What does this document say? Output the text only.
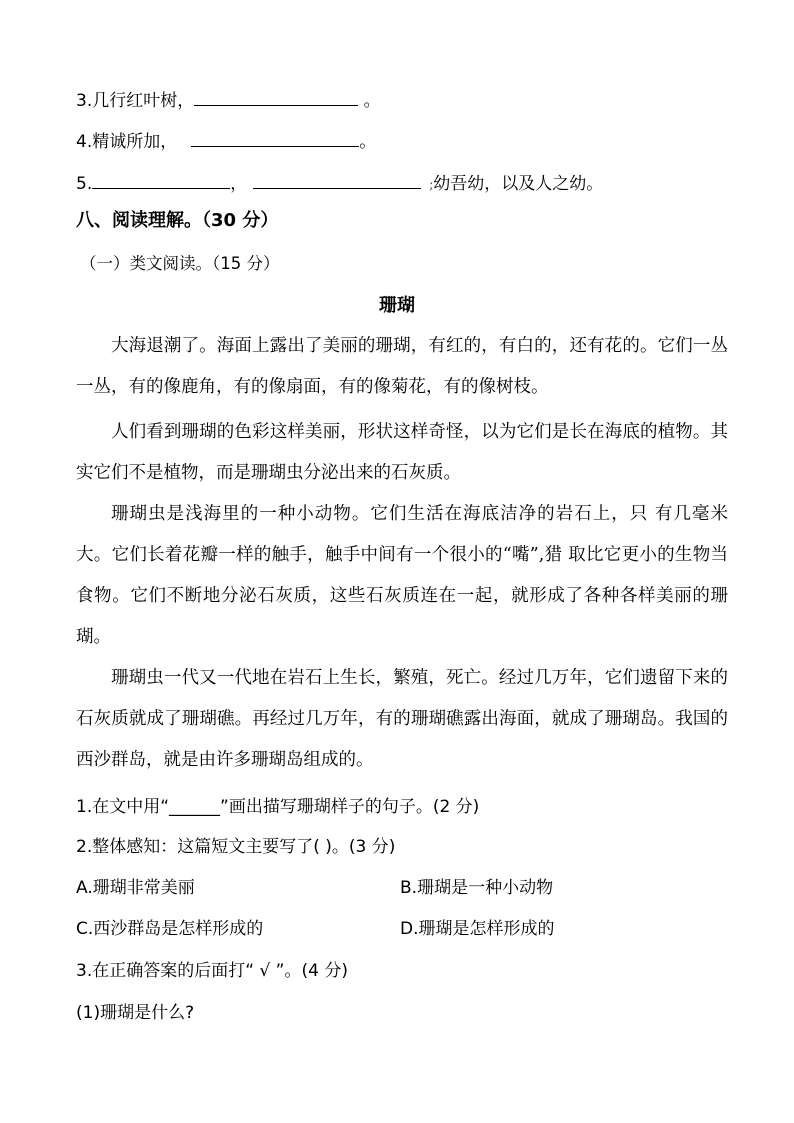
3.几行红叶树，	。
4.精诚所加，	。
5.	，	;幼吾幼，以及人之幼。
八、阅读理解。（30 分）
（一）类文阅读。（15 分）
珊瑚
大海退潮了。海面上露出了美丽的珊瑚，有红的，有白的，还有花的。它们一丛一丛，有的像鹿角，有的像扇面，有的像菊花，有的像树枝。
人们看到珊瑚的色彩这样美丽，形状这样奇怪，以为它们是长在海底的植物。其实它们不是植物，而是珊瑚虫分泌出来的石灰质。
珊瑚虫是浅海里的一种小动物。它们生活在海底洁净的岩石上，只 有几毫米大。它们长着花瓣一样的触手，触手中间有一个很小的“嘴”,猎 取比它更小的生物当食物。它们不断地分泌石灰质，这些石灰质连在一起，就形成了各种各样美丽的珊瑚。
珊瑚虫一代又一代地在岩石上生长，繁殖，死亡。经过几万年，它们遗留下来的石灰质就成了珊瑚礁。再经过几万年，有的珊瑚礁露出海面，就成了珊瑚岛。我国的西沙群岛，就是由许多珊瑚岛组成的。
1.在文中用“______”画出描写珊瑚样子的句子。(2 分)
2.整体感知：这篇短文主要写了( )。(3 分)
A.珊瑚非常美丽	B.珊瑚是一种小动物
C.西沙群岛是怎样形成的	D.珊瑚是怎样形成的
3.在正确答案的后面打“ √ ”。(4 分)
(1)珊瑚是什么?
